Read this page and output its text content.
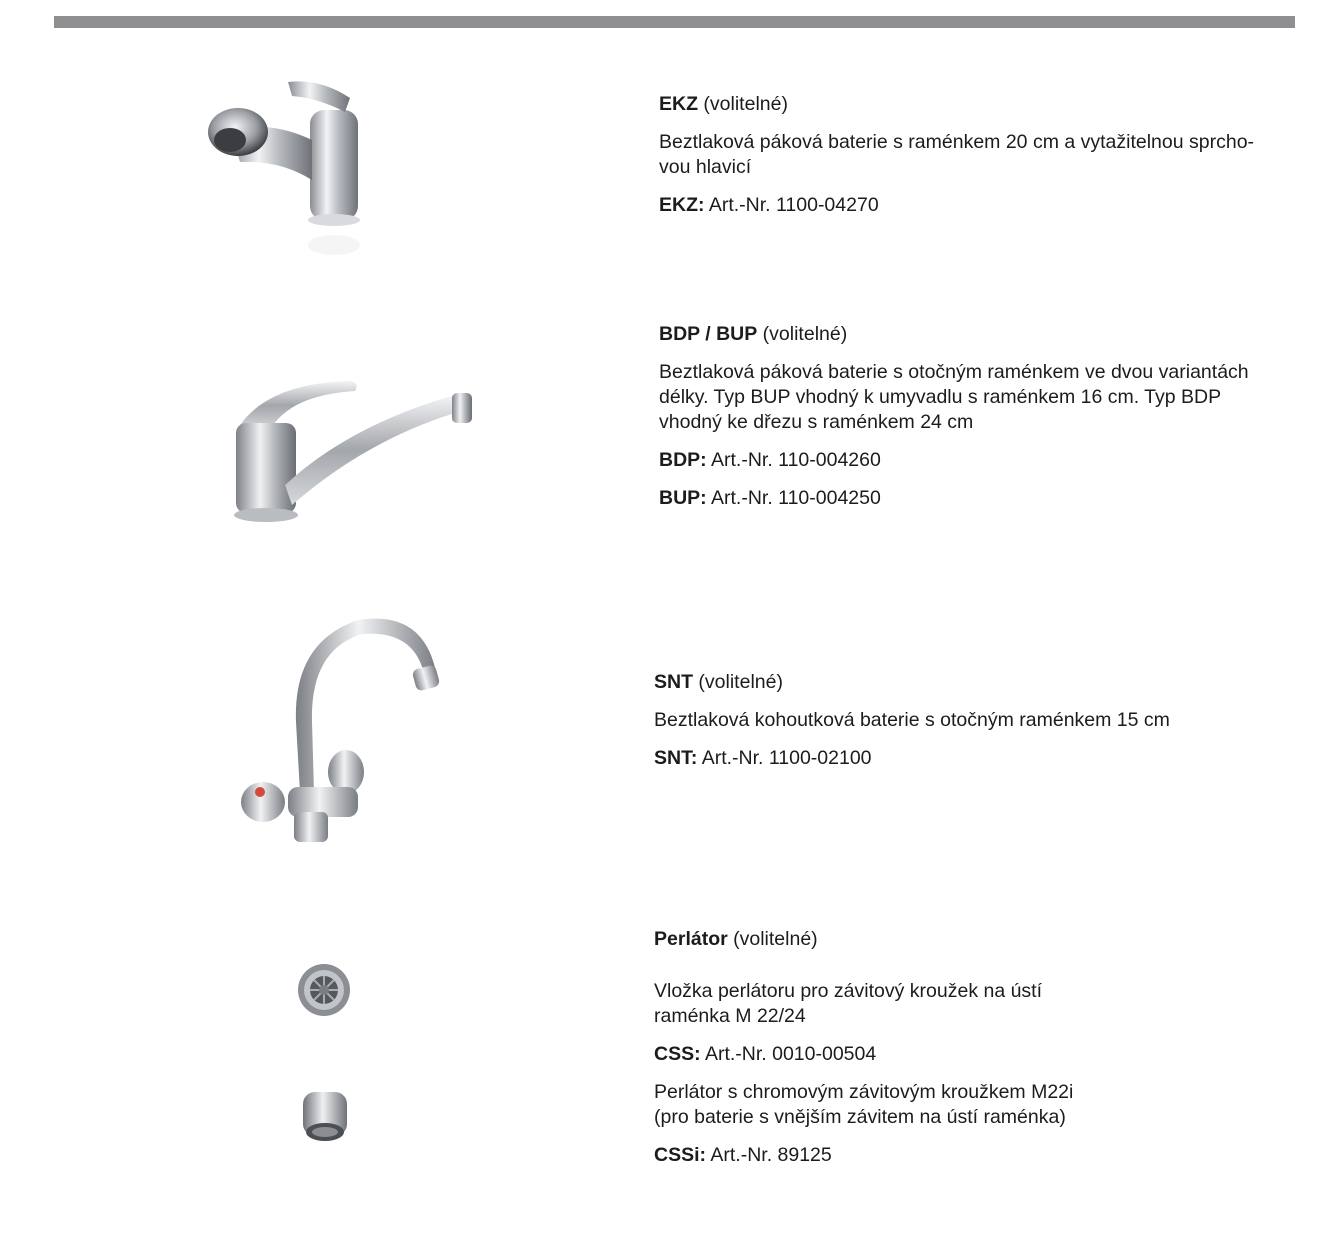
EKZ (volitelné)

Beztlaková páková baterie s raménkem 20 cm a vytažitelnou sprcho-
vou hlavicí

EKZ: Art.-Nr. 1100-04270

BDP / BUP (volitelné)

Beztlaková páková baterie s otočným raménkem ve dvou variantách
délky. Typ BUP vhodný k umyvadlu s raménkem 16 cm. Typ BDP
vhodný ke dřezu s raménkem 24 cm

BDP: Art.-Nr. 110-004260

BUP: Art.-Nr. 110-004250

SNT (volitelné)

Beztlaková kohoutková baterie s otočným raménkem 15 cm

SNT: Art.-Nr. 1100-02100

Perlátor (volitelné)

Vložka perlátoru pro závitový kroužek na ústí
raménka M 22/24

CSS: Art.-Nr. 0010-00504

Perlátor s chromovým závitovým kroužkem M22i
(pro baterie s vnějším závitem na ústí raménka)

CSSi: Art.-Nr. 89125
